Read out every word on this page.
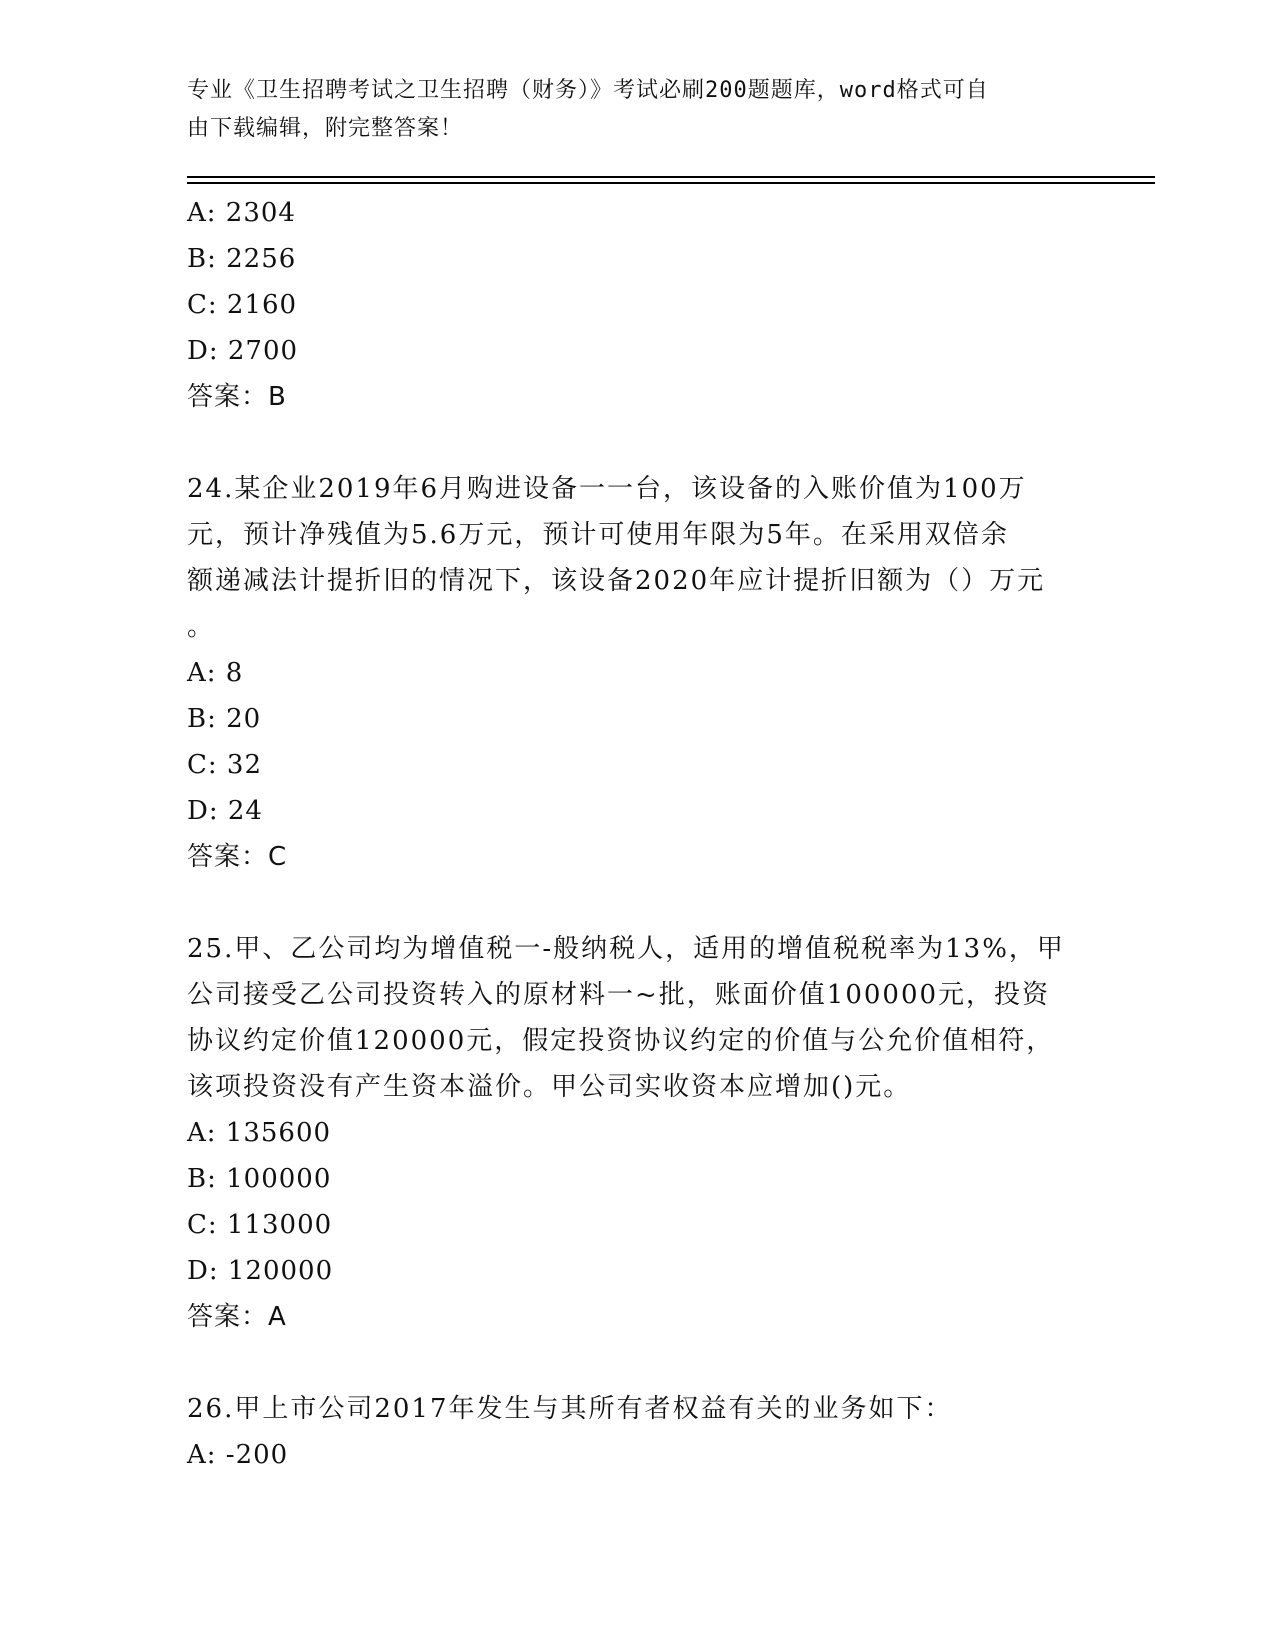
专业《卫生招聘考试之卫生招聘（财务）》考试必刷200题题库，word格式可自
由下载编辑，附完整答案！
A: 2304
B: 2256
C: 2160
D: 2700
答案：B
24.某企业2019年6月购进设备一一台，该设备的入账价值为100万
元，预计净残值为5.6万元，预计可使用年限为5年。在采用双倍余
额递减法计提折旧的情况下，该设备2020年应计提折旧额为（）万元
。
A: 8
B: 20
C: 32
D: 24
答案：C
25.甲、乙公司均为增值税一-般纳税人，适用的增值税税率为13%，甲
公司接受乙公司投资转入的原材料一~批，账面价值100000元，投资
协议约定价值120000元，假定投资协议约定的价值与公允价值相符，
该项投资没有产生资本溢价。甲公司实收资本应增加()元。
A: 135600
B: 100000
C: 113000
D: 120000
答案：A
26.甲上市公司2017年发生与其所有者权益有关的业务如下：
A: -200
